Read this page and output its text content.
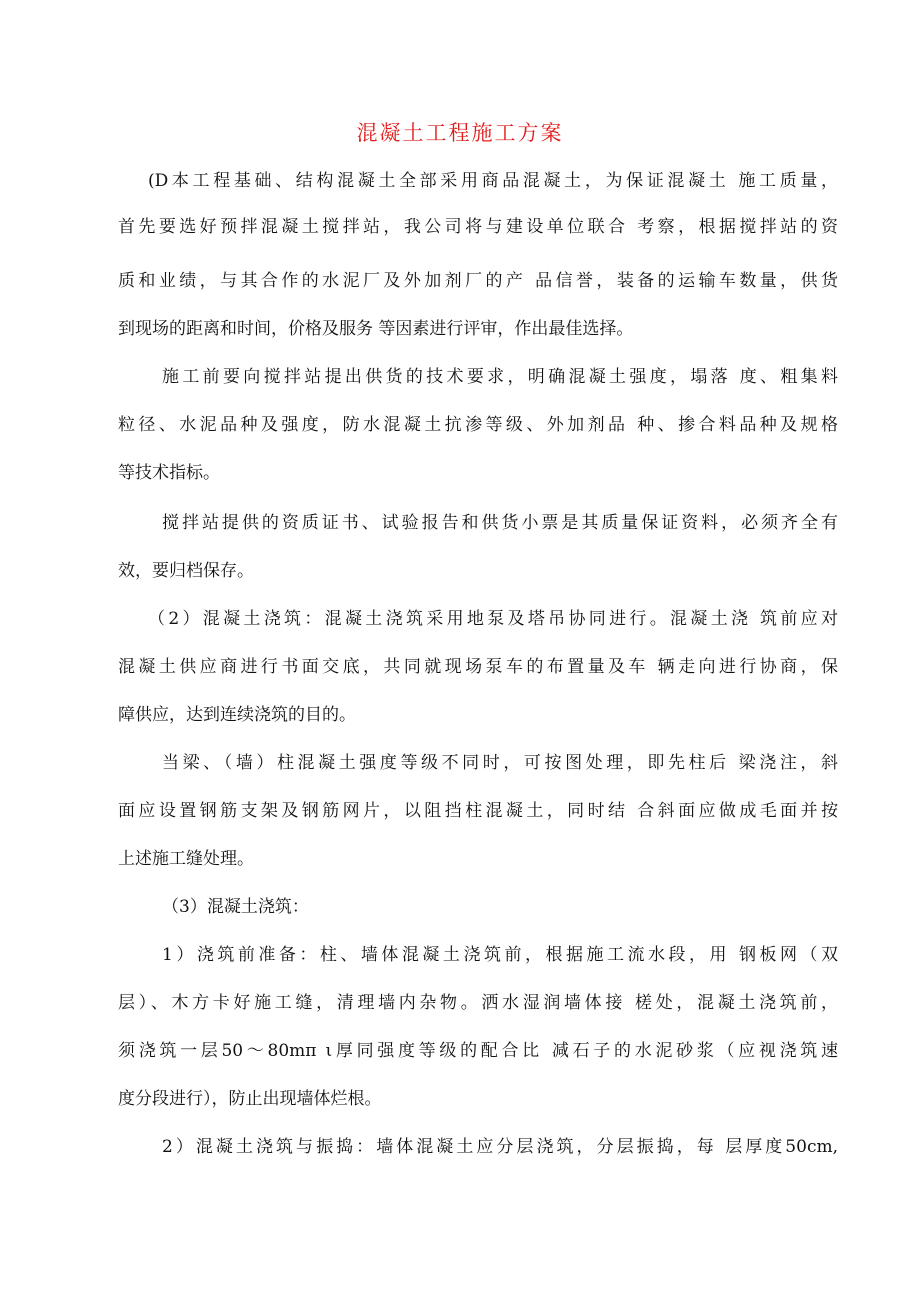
混凝土工程施工方案
(D本工程基础、结构混凝土全部采用商品混凝土，为保证混凝土 施工质量，
首先要选好预拌混凝土搅拌站，我公司将与建设单位联合 考察，根据搅拌站的资
质和业绩，与其合作的水泥厂及外加剂厂的产 品信誉，装备的运输车数量，供货
到现场的距离和时间，价格及服务 等因素进行评审，作出最佳选择。
施工前要向搅拌站提出供货的技术要求，明确混凝土强度，塌落 度、粗集料
粒径、水泥品种及强度，防水混凝土抗渗等级、外加剂品 种、掺合料品种及规格
等技术指标。
搅拌站提供的资质证书、试验报告和供货小票是其质量保证资料，必须齐全有
效，要归档保存。
（2）混凝土浇筑：混凝土浇筑采用地泵及塔吊协同进行。混凝土浇 筑前应对
混凝土供应商进行书面交底，共同就现场泵车的布置量及车 辆走向进行协商，保
障供应，达到连续浇筑的目的。
当梁、（墙）柱混凝土强度等级不同时，可按图处理，即先柱后 梁浇注，斜
面应设置钢筋支架及钢筋网片，以阻挡柱混凝土，同时结 合斜面应做成毛面并按
上述施工缝处理。
（3）混凝土浇筑：
1）浇筑前准备：柱、墙体混凝土浇筑前，根据施工流水段，用 钢板网（双
层）、木方卡好施工缝，清理墙内杂物。洒水湿润墙体接 槎处，混凝土浇筑前，
须浇筑一层50～80mπ ι厚同强度等级的配合比 减石子的水泥砂浆（应视浇筑速
度分段进行），防止出现墙体烂根。
2）混凝土浇筑与振捣：墙体混凝土应分层浇筑，分层振捣，每 层厚度50cm,
